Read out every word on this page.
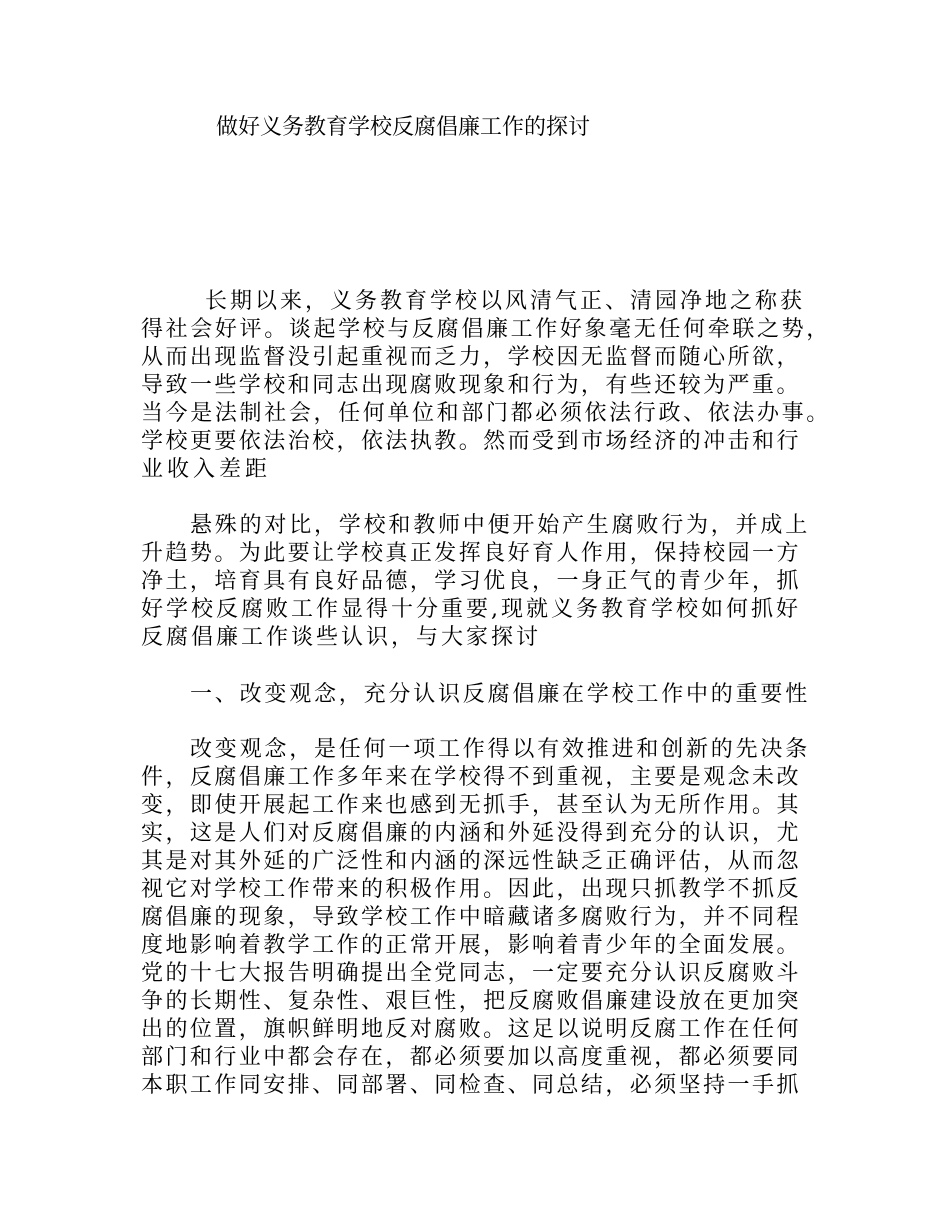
做好义务教育学校反腐倡廉工作的探讨
长期以来，义务教育学校以风清气正、清园净地之称获
得社会好评。谈起学校与反腐倡廉工作好象毫无任何牵联之势，
从而出现监督没引起重视而乏力，学校因无监督而随心所欲，
导致一些学校和同志出现腐败现象和行为，有些还较为严重。
当今是法制社会，任何单位和部门都必须依法行政、依法办事。
学校更要依法治校，依法执教。然而受到市场经济的冲击和行
业收入差距
悬殊的对比，学校和教师中便开始产生腐败行为，并成上
升趋势。为此要让学校真正发挥良好育人作用，保持校园一方
净土，培育具有良好品德，学习优良，一身正气的青少年，抓
好学校反腐败工作显得十分重要,现就义务教育学校如何抓好
反腐倡廉工作谈些认识，与大家探讨
一、改变观念，充分认识反腐倡廉在学校工作中的重要性
改变观念，是任何一项工作得以有效推进和创新的先决条
件，反腐倡廉工作多年来在学校得不到重视，主要是观念未改
变，即使开展起工作来也感到无抓手，甚至认为无所作用。其
实，这是人们对反腐倡廉的内涵和外延没得到充分的认识，尤
其是对其外延的广泛性和内涵的深远性缺乏正确评估，从而忽
视它对学校工作带来的积极作用。因此，出现只抓教学不抓反
腐倡廉的现象，导致学校工作中暗藏诸多腐败行为，并不同程
度地影响着教学工作的正常开展，影响着青少年的全面发展。
党的十七大报告明确提出全党同志，一定要充分认识反腐败斗
争的长期性、复杂性、艰巨性，把反腐败倡廉建设放在更加突
出的位置，旗帜鲜明地反对腐败。这足以说明反腐工作在任何
部门和行业中都会存在，都必须要加以高度重视，都必须要同
本职工作同安排、同部署、同检查、同总结，必须坚持一手抓
